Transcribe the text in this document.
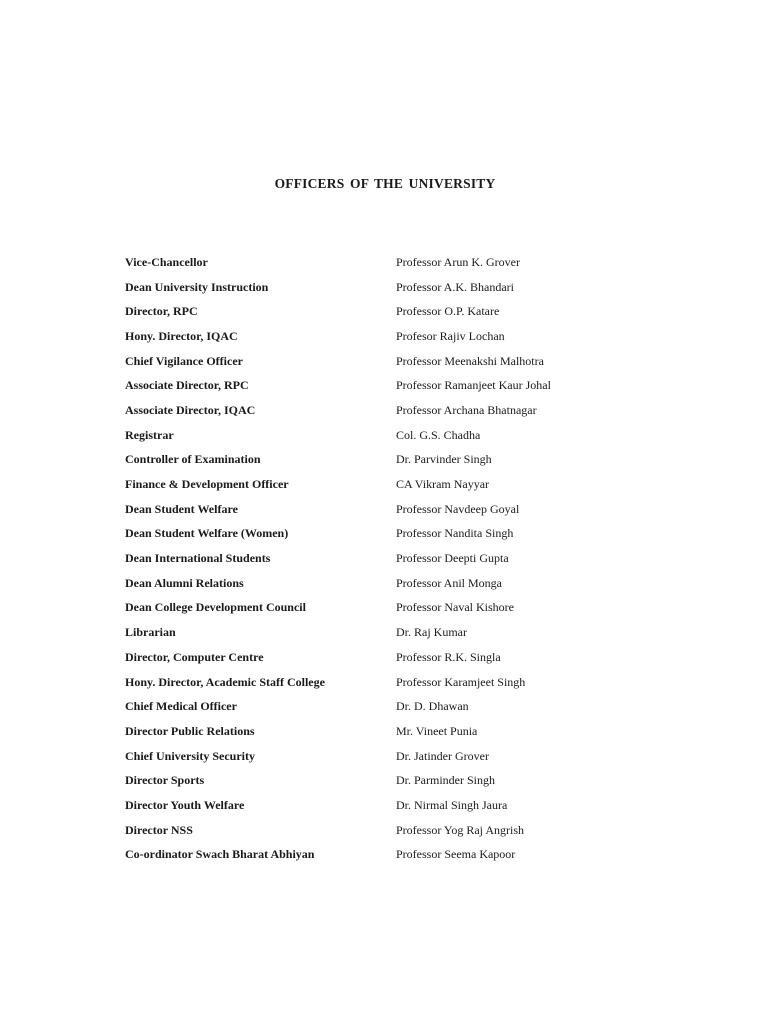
OFFICERS OF THE UNIVERSITY
Vice-Chancellor	Professor Arun K. Grover
Dean University Instruction	Professor A.K. Bhandari
Director, RPC	Professor O.P. Katare
Hony. Director, IQAC	Profesor Rajiv Lochan
Chief Vigilance Officer	Professor Meenakshi Malhotra
Associate Director, RPC	Professor Ramanjeet Kaur Johal
Associate Director, IQAC	Professor Archana Bhatnagar
Registrar	Col. G.S. Chadha
Controller of Examination	Dr. Parvinder Singh
Finance & Development Officer	CA Vikram Nayyar
Dean Student Welfare	Professor Navdeep Goyal
Dean Student Welfare (Women)	Professor Nandita Singh
Dean International Students	Professor Deepti Gupta
Dean Alumni Relations	Professor Anil Monga
Dean College Development Council	Professor Naval Kishore
Librarian	Dr. Raj Kumar
Director, Computer Centre	Professor R.K. Singla
Hony. Director, Academic Staff College	Professor Karamjeet Singh
Chief Medical Officer	Dr. D. Dhawan
Director Public Relations	Mr. Vineet Punia
Chief University Security	Dr. Jatinder Grover
Director Sports	Dr. Parminder Singh
Director Youth Welfare	Dr. Nirmal Singh Jaura
Director NSS	Professor Yog Raj Angrish
Co-ordinator Swach Bharat Abhiyan	Professor Seema Kapoor
